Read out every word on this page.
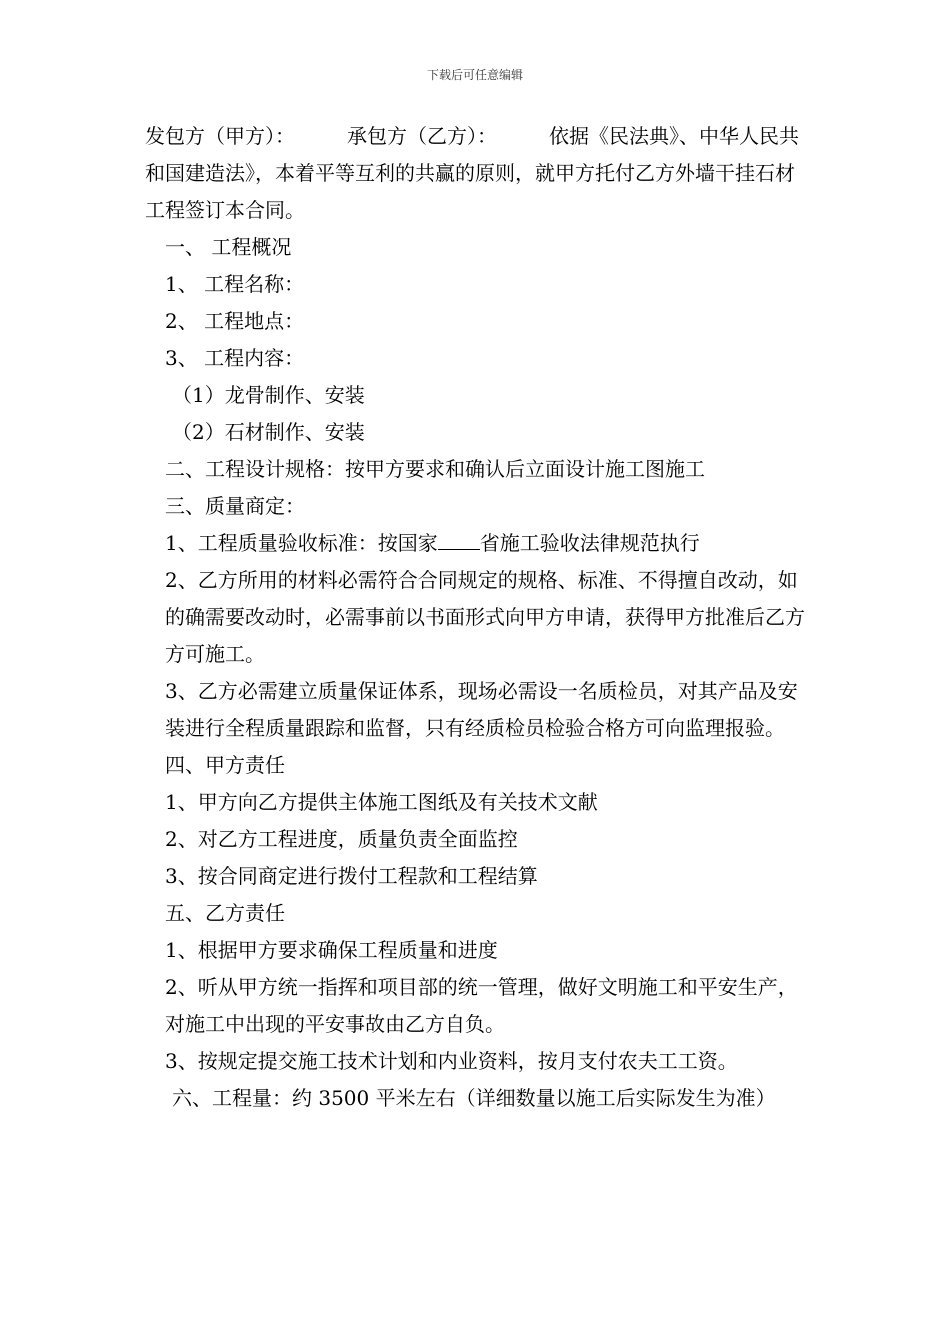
下载后可任意编辑

发包方（甲方）：	承包方（乙方）：	依据《民法典》、中华人民共和国建造法》，本着平等互利的共赢的原则，就甲方托付乙方外墙干挂石材工程签订本合同。

一、 工程概况

1、 工程名称：

2、 工程地点：

3、 工程内容：

（1）龙骨制作、安装

（2）石材制作、安装

二、工程设计规格：按甲方要求和确认后立面设计施工图施工

三、质量商定：

1、工程质量验收标准：按国家 省施工验收法律规范执行

2、乙方所用的材料必需符合合同规定的规格、标准、不得擅自改动，如的确需要改动时，必需事前以书面形式向甲方申请，获得甲方批准后乙方方可施工。

3、乙方必需建立质量保证体系，现场必需设一名质检员，对其产品及安装进行全程质量跟踪和监督，只有经质检员检验合格方可向监理报验。

四、甲方责任

1、甲方向乙方提供主体施工图纸及有关技术文献

2、对乙方工程进度，质量负责全面监控

3、按合同商定进行拨付工程款和工程结算

五、乙方责任

1、根据甲方要求确保工程质量和进度

2、听从甲方统一指挥和项目部的统一管理，做好文明施工和平安生产，对施工中出现的平安事故由乙方自负。

3、按规定提交施工技术计划和内业资料，按月支付农夫工工资。

六、工程量：约 3500 平米左右（详细数量以施工后实际发生为准）
